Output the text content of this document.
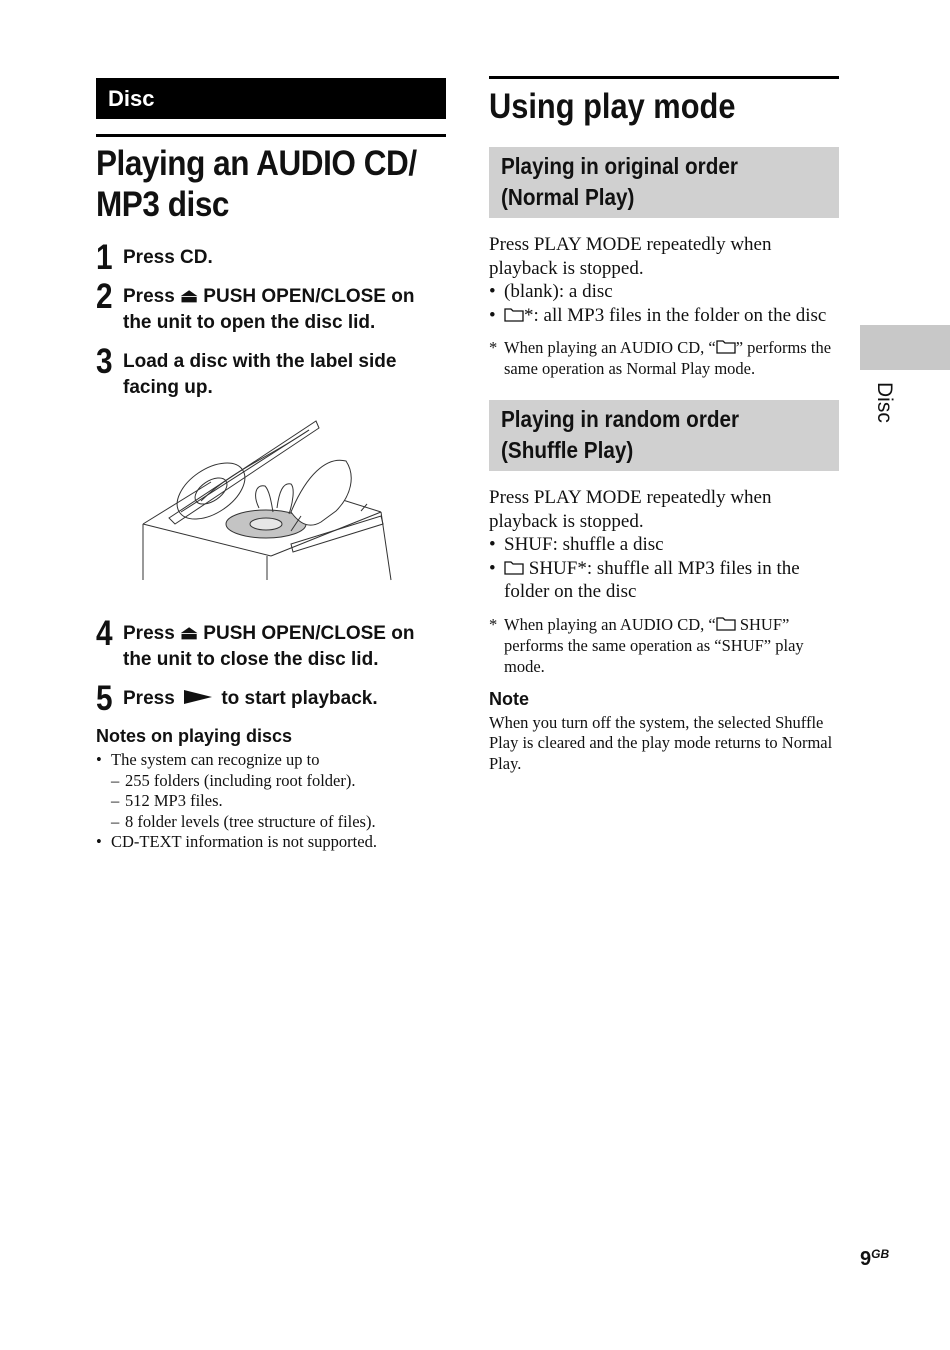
Disc
Playing an AUDIO CD/
MP3 disc
1 Press CD.
2 Press ⏏ PUSH OPEN/CLOSE on the unit to open the disc lid.
3 Load a disc with the label side facing up.
4 Press ⏏ PUSH OPEN/CLOSE on the unit to close the disc lid.
5 Press to start playback.
Notes on playing discs
• The system can recognize up to
– 255 folders (including root folder).
– 512 MP3 files.
– 8 folder levels (tree structure of files).
• CD-TEXT information is not supported.
Using play mode
Playing in original order
(Normal Play)
Press PLAY MODE repeatedly when playback is stopped.
• (blank): a disc
• *: all MP3 files in the folder on the disc
* When playing an AUDIO CD, “ ” performs the same operation as Normal Play mode.
Playing in random order
(Shuffle Play)
Press PLAY MODE repeatedly when playback is stopped.
• SHUF: shuffle a disc
• SHUF*: shuffle all MP3 files in the folder on the disc
* When playing an AUDIO CD, “ SHUF” performs the same operation as “SHUF” play mode.
Note
When you turn off the system, the selected Shuffle Play is cleared and the play mode returns to Normal Play.
Disc
$9^{GB}$
